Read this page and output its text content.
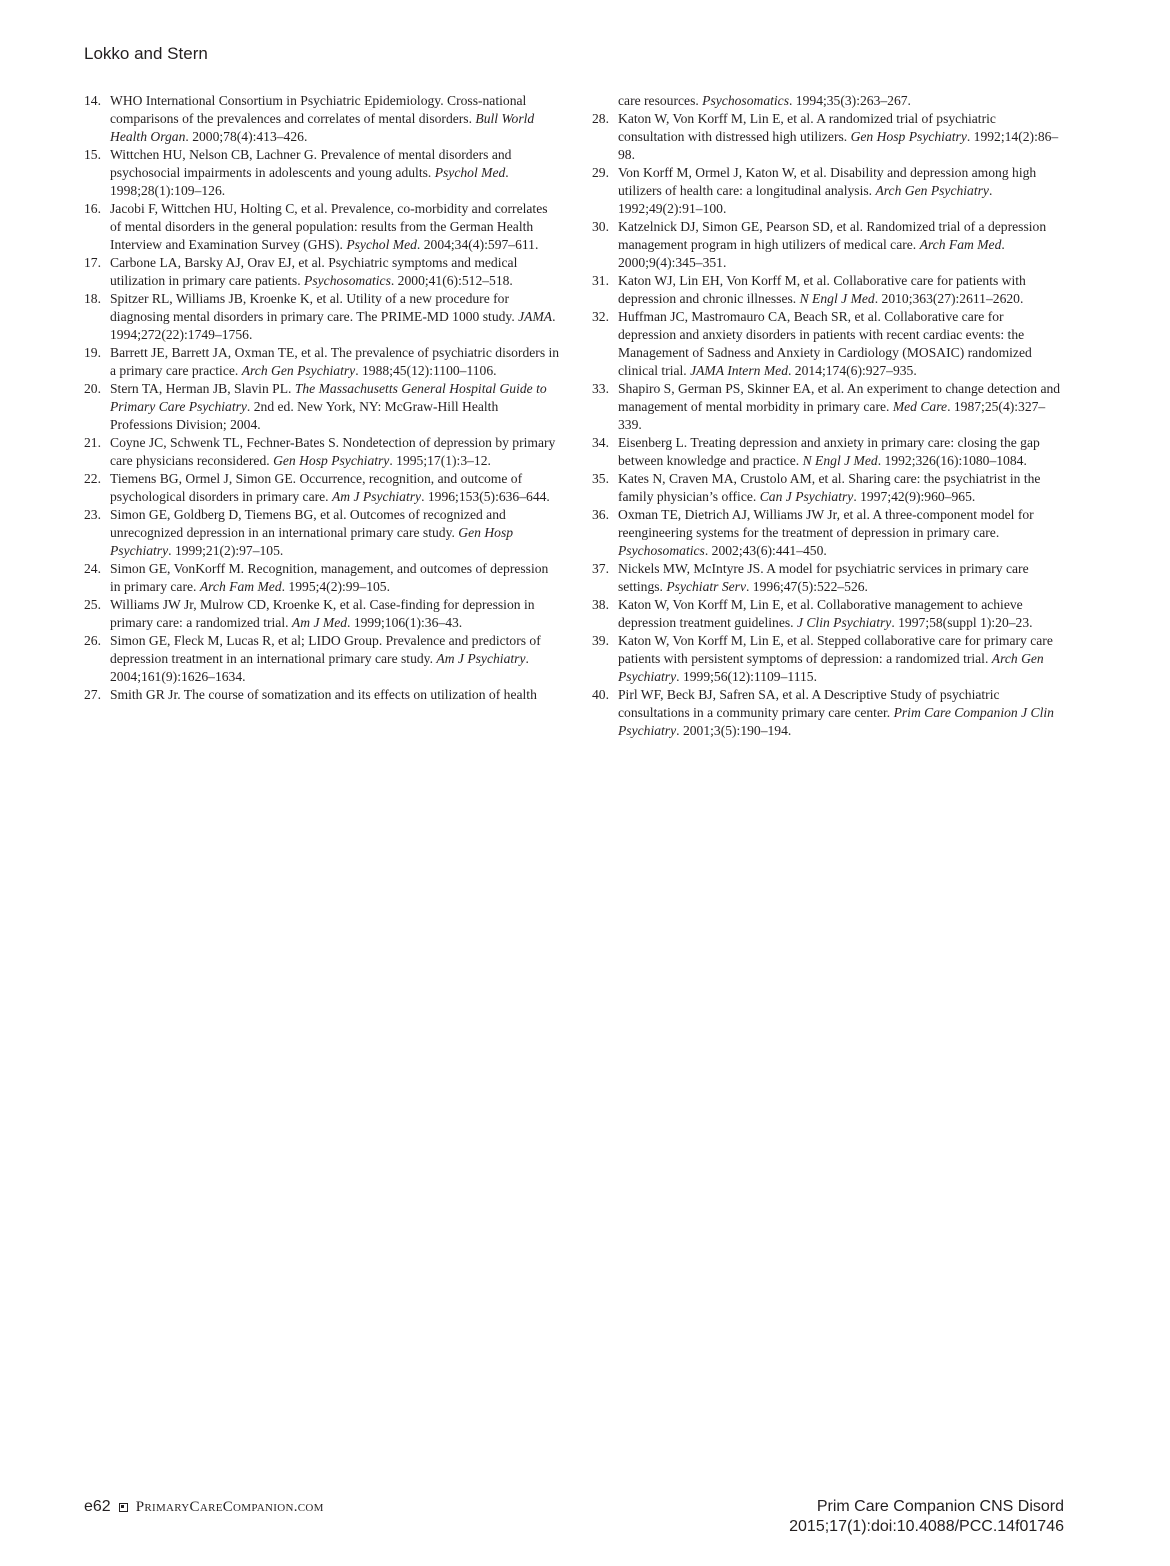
Lokko and Stern
14. WHO International Consortium in Psychiatric Epidemiology. Cross-national comparisons of the prevalences and correlates of mental disorders. Bull World Health Organ. 2000;78(4):413–426.
15. Wittchen HU, Nelson CB, Lachner G. Prevalence of mental disorders and psychosocial impairments in adolescents and young adults. Psychol Med. 1998;28(1):109–126.
16. Jacobi F, Wittchen HU, Holting C, et al. Prevalence, co-morbidity and correlates of mental disorders in the general population: results from the German Health Interview and Examination Survey (GHS). Psychol Med. 2004;34(4):597–611.
17. Carbone LA, Barsky AJ, Orav EJ, et al. Psychiatric symptoms and medical utilization in primary care patients. Psychosomatics. 2000;41(6):512–518.
18. Spitzer RL, Williams JB, Kroenke K, et al. Utility of a new procedure for diagnosing mental disorders in primary care. The PRIME-MD 1000 study. JAMA. 1994;272(22):1749–1756.
19. Barrett JE, Barrett JA, Oxman TE, et al. The prevalence of psychiatric disorders in a primary care practice. Arch Gen Psychiatry. 1988;45(12):1100–1106.
20. Stern TA, Herman JB, Slavin PL. The Massachusetts General Hospital Guide to Primary Care Psychiatry. 2nd ed. New York, NY: McGraw-Hill Health Professions Division; 2004.
21. Coyne JC, Schwenk TL, Fechner-Bates S. Nondetection of depression by primary care physicians reconsidered. Gen Hosp Psychiatry. 1995;17(1):3–12.
22. Tiemens BG, Ormel J, Simon GE. Occurrence, recognition, and outcome of psychological disorders in primary care. Am J Psychiatry. 1996;153(5):636–644.
23. Simon GE, Goldberg D, Tiemens BG, et al. Outcomes of recognized and unrecognized depression in an international primary care study. Gen Hosp Psychiatry. 1999;21(2):97–105.
24. Simon GE, VonKorff M. Recognition, management, and outcomes of depression in primary care. Arch Fam Med. 1995;4(2):99–105.
25. Williams JW Jr, Mulrow CD, Kroenke K, et al. Case-finding for depression in primary care: a randomized trial. Am J Med. 1999;106(1):36–43.
26. Simon GE, Fleck M, Lucas R, et al; LIDO Group. Prevalence and predictors of depression treatment in an international primary care study. Am J Psychiatry. 2004;161(9):1626–1634.
27. Smith GR Jr. The course of somatization and its effects on utilization of health
care resources. Psychosomatics. 1994;35(3):263–267.
28. Katon W, Von Korff M, Lin E, et al. A randomized trial of psychiatric consultation with distressed high utilizers. Gen Hosp Psychiatry. 1992;14(2):86–98.
29. Von Korff M, Ormel J, Katon W, et al. Disability and depression among high utilizers of health care: a longitudinal analysis. Arch Gen Psychiatry. 1992;49(2):91–100.
30. Katzelnick DJ, Simon GE, Pearson SD, et al. Randomized trial of a depression management program in high utilizers of medical care. Arch Fam Med. 2000;9(4):345–351.
31. Katon WJ, Lin EH, Von Korff M, et al. Collaborative care for patients with depression and chronic illnesses. N Engl J Med. 2010;363(27):2611–2620.
32. Huffman JC, Mastromauro CA, Beach SR, et al. Collaborative care for depression and anxiety disorders in patients with recent cardiac events: the Management of Sadness and Anxiety in Cardiology (MOSAIC) randomized clinical trial. JAMA Intern Med. 2014;174(6):927–935.
33. Shapiro S, German PS, Skinner EA, et al. An experiment to change detection and management of mental morbidity in primary care. Med Care. 1987;25(4):327–339.
34. Eisenberg L. Treating depression and anxiety in primary care: closing the gap between knowledge and practice. N Engl J Med. 1992;326(16):1080–1084.
35. Kates N, Craven MA, Crustolo AM, et al. Sharing care: the psychiatrist in the family physician’s office. Can J Psychiatry. 1997;42(9):960–965.
36. Oxman TE, Dietrich AJ, Williams JW Jr, et al. A three-component model for reengineering systems for the treatment of depression in primary care. Psychosomatics. 2002;43(6):441–450.
37. Nickels MW, McIntyre JS. A model for psychiatric services in primary care settings. Psychiatr Serv. 1996;47(5):522–526.
38. Katon W, Von Korff M, Lin E, et al. Collaborative management to achieve depression treatment guidelines. J Clin Psychiatry. 1997;58(suppl 1):20–23.
39. Katon W, Von Korff M, Lin E, et al. Stepped collaborative care for primary care patients with persistent symptoms of depression: a randomized trial. Arch Gen Psychiatry. 1999;56(12):1109–1115.
40. Pirl WF, Beck BJ, Safren SA, et al. A Descriptive Study of psychiatric consultations in a community primary care center. Prim Care Companion J Clin Psychiatry. 2001;3(5):190–194.
e62 PrimaryCareCompanion.com	Prim Care Companion CNS Disord
2015;17(1):doi:10.4088/PCC.14f01746
